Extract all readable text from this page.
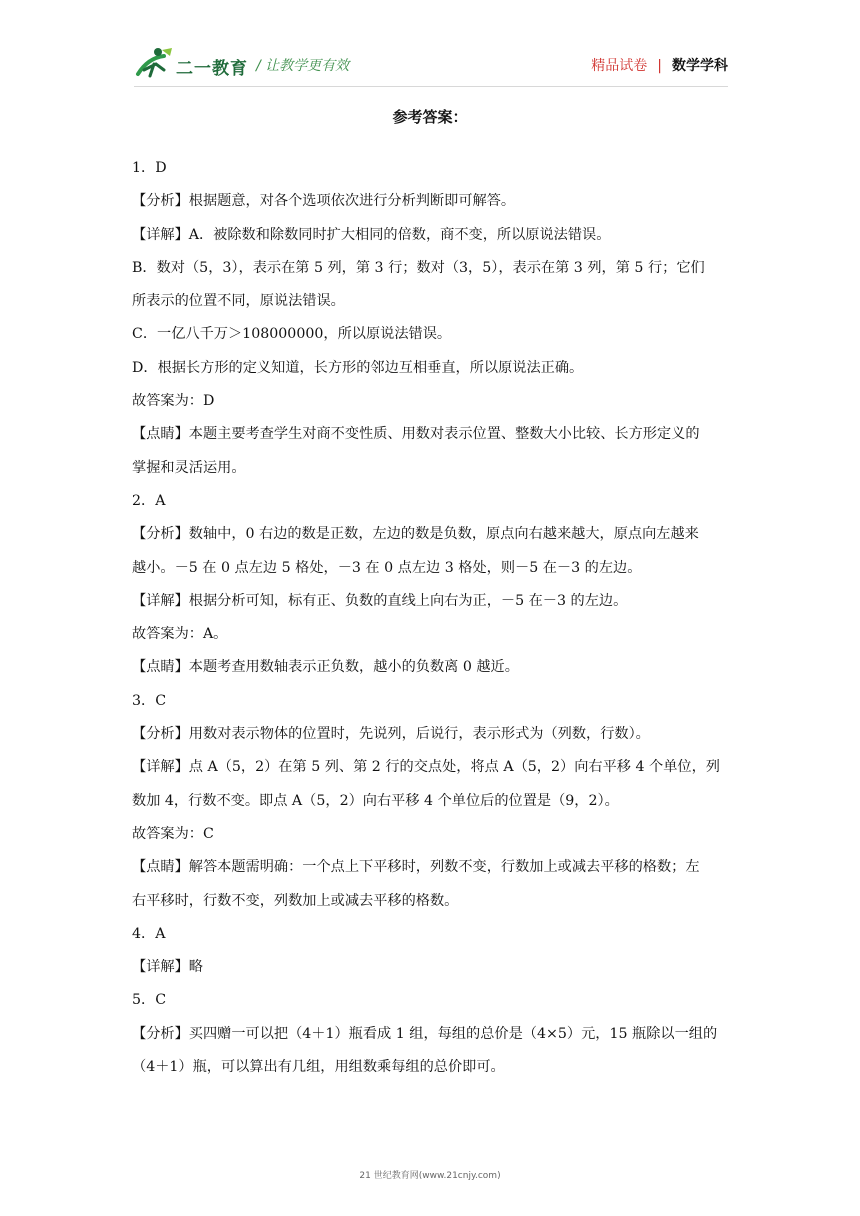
二一教育 / 让教学更有效	精品试卷 | 数学学科
参考答案：
1．D
【分析】根据题意，对各个选项依次进行分析判断即可解答。
【详解】A．被除数和除数同时扩大相同的倍数，商不变，所以原说法错误。
B．数对（5，3），表示在第 5 列，第 3 行；数对（3，5），表示在第 3 列，第 5 行；它们
所表示的位置不同，原说法错误。
C．一亿八千万＞108000000，所以原说法错误。
D．根据长方形的定义知道，长方形的邻边互相垂直，所以原说法正确。
故答案为：D
【点睛】本题主要考查学生对商不变性质、用数对表示位置、整数大小比较、长方形定义的
掌握和灵活运用。
2．A
【分析】数轴中，0 右边的数是正数，左边的数是负数，原点向右越来越大，原点向左越来
越小。－5 在 0 点左边 5 格处，－3 在 0 点左边 3 格处，则－5 在－3 的左边。
【详解】根据分析可知，标有正、负数的直线上向右为正，－5 在－3 的左边。
故答案为：A。
【点睛】本题考查用数轴表示正负数，越小的负数离 0 越近。
3．C
【分析】用数对表示物体的位置时，先说列，后说行，表示形式为（列数，行数）。
【详解】点 A（5，2）在第 5 列、第 2 行的交点处，将点 A（5，2）向右平移 4 个单位，列
数加 4，行数不变。即点 A（5，2）向右平移 4 个单位后的位置是（9，2）。
故答案为：C
【点睛】解答本题需明确：一个点上下平移时，列数不变，行数加上或减去平移的格数；左
右平移时，行数不变，列数加上或减去平移的格数。
4．A
【详解】略
5．C
【分析】买四赠一可以把（4＋1）瓶看成 1 组，每组的总价是（4×5）元，15 瓶除以一组的
（4＋1）瓶，可以算出有几组，用组数乘每组的总价即可。
21 世纪教育网(www.21cnjy.com)
